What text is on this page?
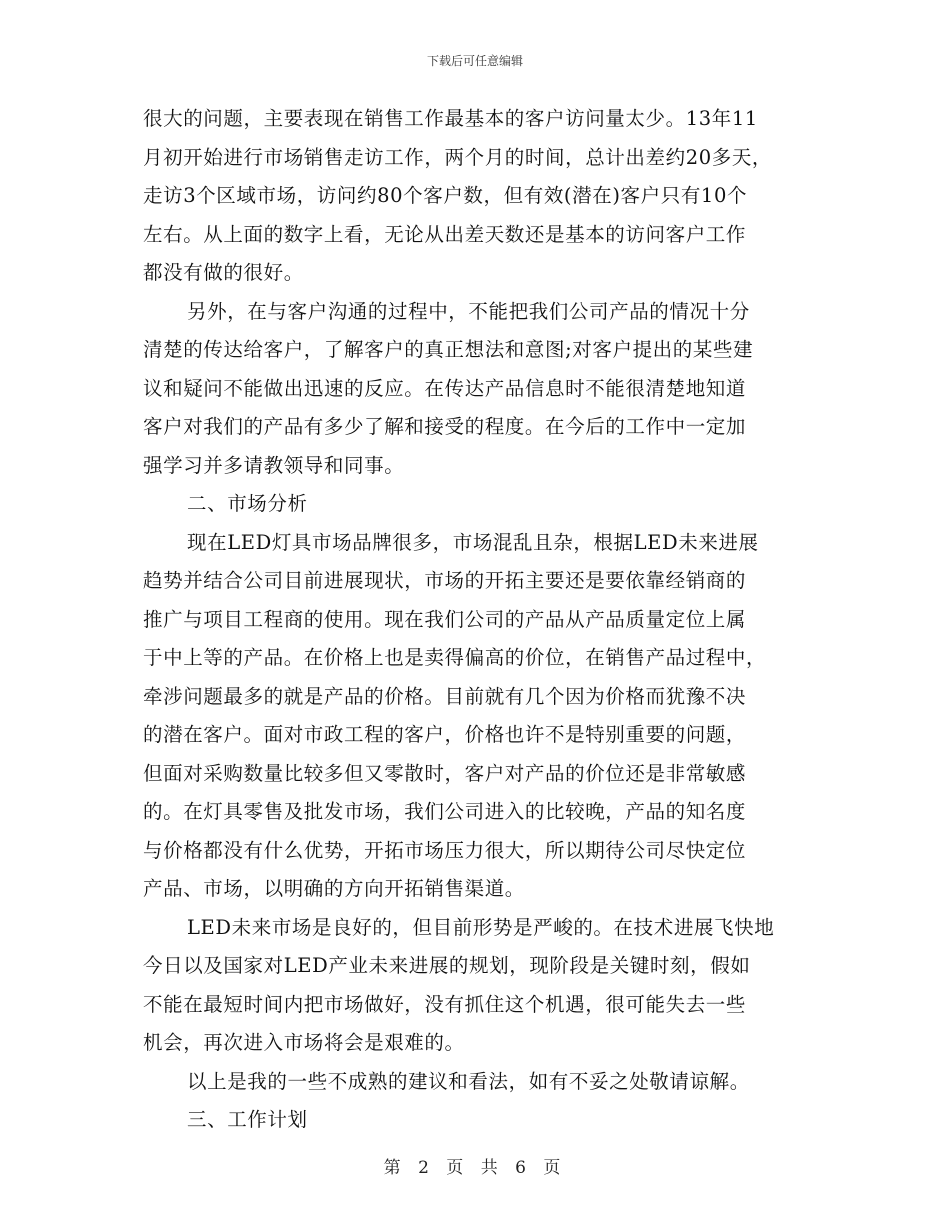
下载后可任意编辑
很大的问题，主要表现在销售工作最基本的客户访问量太少。13年11
月初开始进行市场销售走访工作，两个月的时间，总计出差约20多天，
走访3个区域市场，访问约80个客户数，但有效(潜在)客户只有10个
左右。从上面的数字上看，无论从出差天数还是基本的访问客户工作
都没有做的很好。
另外，在与客户沟通的过程中，不能把我们公司产品的情况十分
清楚的传达给客户，了解客户的真正想法和意图;对客户提出的某些建
议和疑问不能做出迅速的反应。在传达产品信息时不能很清楚地知道
客户对我们的产品有多少了解和接受的程度。在今后的工作中一定加
强学习并多请教领导和同事。
二、市场分析
现在LED灯具市场品牌很多，市场混乱且杂，根据LED未来进展
趋势并结合公司目前进展现状，市场的开拓主要还是要依靠经销商的
推广与项目工程商的使用。现在我们公司的产品从产品质量定位上属
于中上等的产品。在价格上也是卖得偏高的价位，在销售产品过程中，
牵涉问题最多的就是产品的价格。目前就有几个因为价格而犹豫不决
的潜在客户。面对市政工程的客户，价格也许不是特别重要的问题，
但面对采购数量比较多但又零散时，客户对产品的价位还是非常敏感
的。在灯具零售及批发市场，我们公司进入的比较晚，产品的知名度
与价格都没有什么优势，开拓市场压力很大，所以期待公司尽快定位
产品、市场，以明确的方向开拓销售渠道。
LED未来市场是良好的，但目前形势是严峻的。在技术进展飞快地
今日以及国家对LED产业未来进展的规划，现阶段是关键时刻，假如
不能在最短时间内把市场做好，没有抓住这个机遇，很可能失去一些
机会，再次进入市场将会是艰难的。
以上是我的一些不成熟的建议和看法，如有不妥之处敬请谅解。
三、工作计划
第 2 页 共 6 页
